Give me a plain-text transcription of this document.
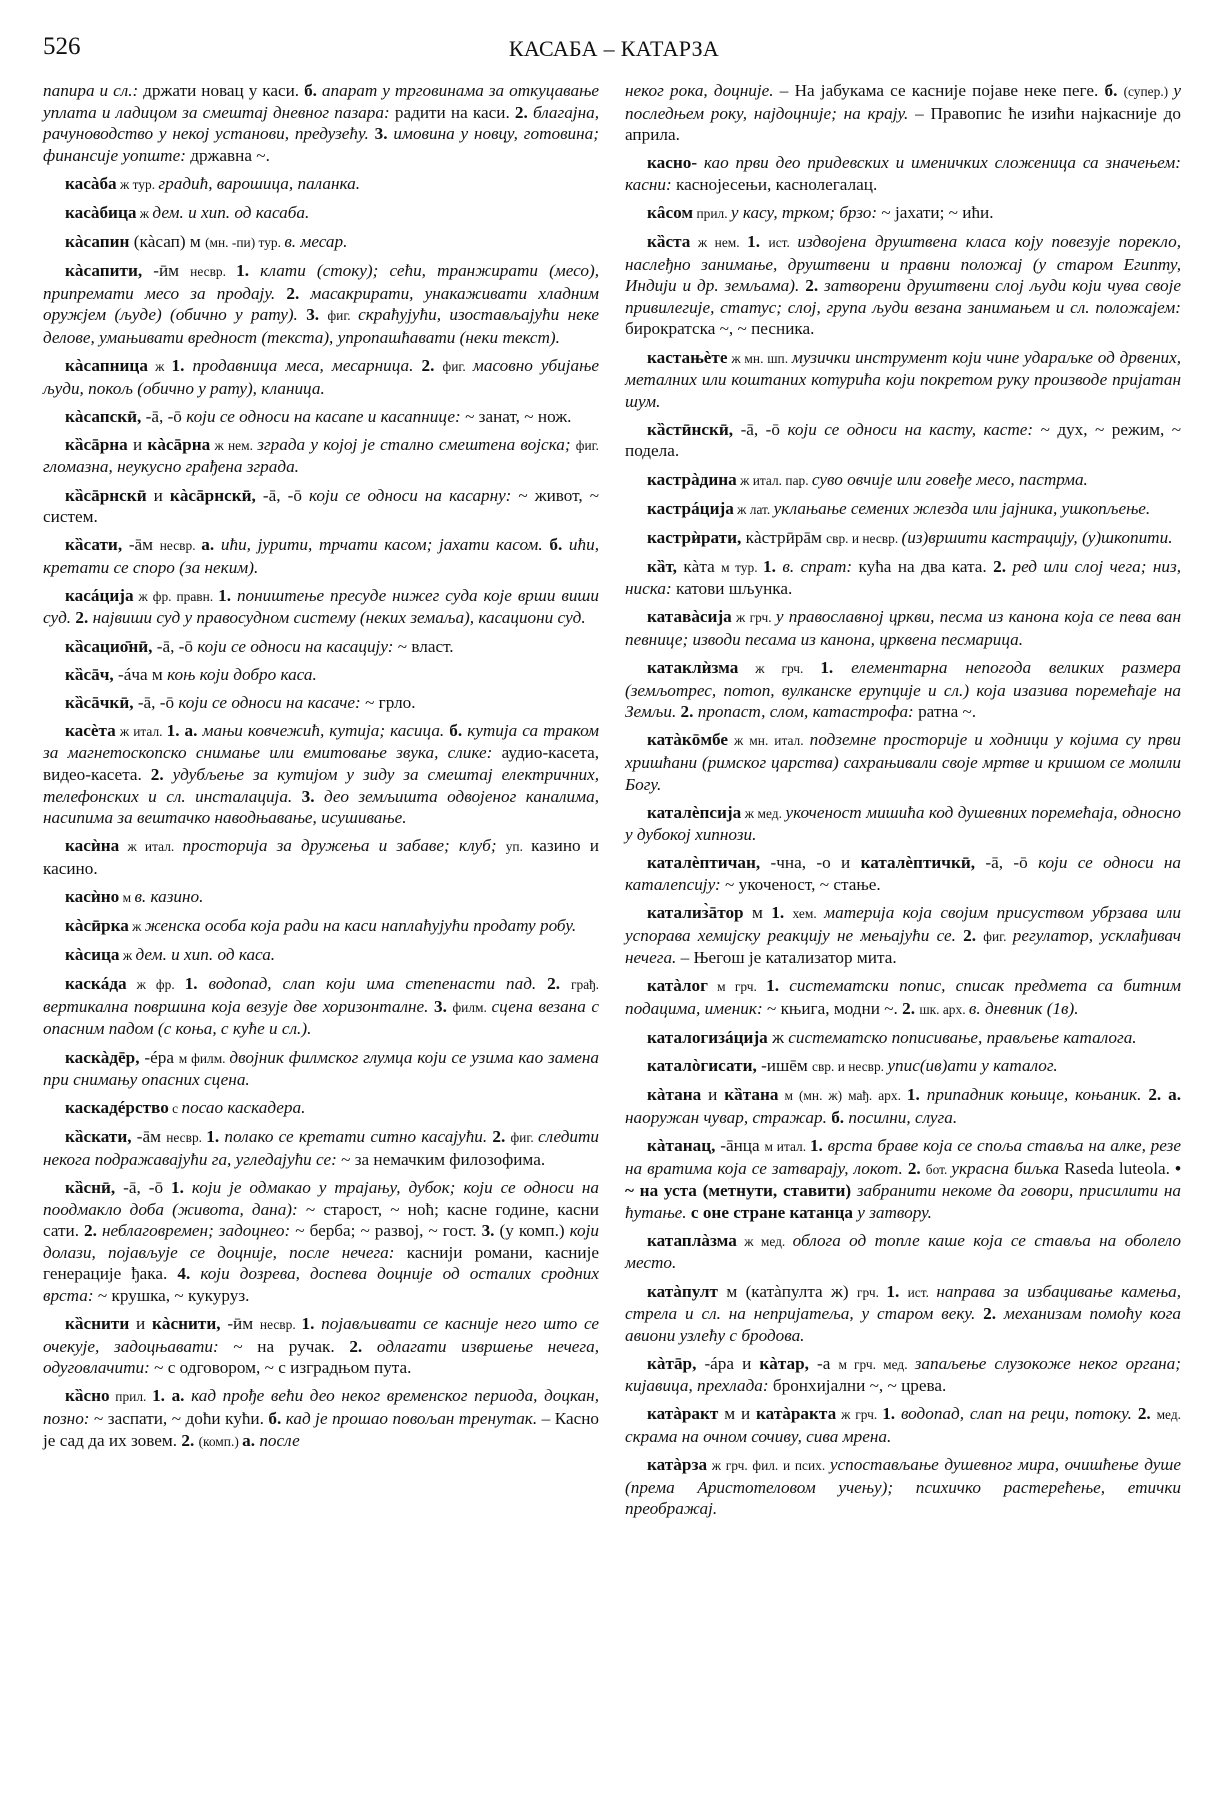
526	КАСАБА – КАТАРЗА

папира и сл.: држати новац у каси. б. апарат у трговинама за откуцавање уплата и ладицом за смештај дневног пазара: радити на каси. 2. благајна, рачуноводство у некој установи, предузећу. 3. имовина у новцу, готовина; финансије уопште: државна ~.

касàба ж тур. градић, варошица, паланка.

касàбица ж дем. и хип. од касаба.

кàсапин (кàсап) м (мн. -пи) тур. в. месар.

кàсапити, -ӣм несвр. 1. клати (стоку); сећи, транжирати (месо), припремати месо за продају. 2. масакрирати, унакаживати хладним оружјем (људе) (обично у рату). 3. фиг. скраћујући, изостављајући неке делове, умањивати вредност (текста), упропашћавати (неки текст).

кàсапница ж 1. продавница меса, месарница. 2. фиг. масовно убијање људи, покољ (обично у рату), кланица.

кàсапскӣ, -ā, -ō који се односи на касапе и касапнице: ~ занат, ~ нож.

кȁсāрна и кàсāрна ж нем. зграда у којој је стално смештена војска; фиг. гломазна, неукусно грађена зграда.

кȁсāрнскӣ и кàсāрнскӣ, -ā, -ō који се односи на касарну: ~ живот, ~ систем.

кȁсати, -āм несвр. а. ићи, јурити, трчати касом; јахати касом. б. ићи, кретати се споро (за неким).

касáција ж фр. правн. 1. поништење пресуде нижег суда које врши виши суд. 2. највиши суд у правосудном систему (неких земаља), касациони суд.

кȁсацио̄нӣ, -ā, -ō који се односи на касацију: ~ власт.

кȁсāч, -áча м коњ који добро каса.

кȁсāчкӣ, -ā, -ō који се односи на касаче: ~ грло.

касèта ж итал. 1. а. мањи ковчежић, кутија; касица. б. кутија са траком за магнетоскопско снимање или емитовање звука, слике: аудио-касета, видео-касета. 2. удубљење за кутијом у зиду за смештај електричних, телефонских и сл. инсталација. 3. део земљишта одвојеног каналима, насипима за вештачко наводњавање, исушивање.

касѝна ж итал. просторија за дружења и забаве; клуб; уп. казино и касино.

касѝно м в. казино.

кàсӣрка ж женска особа која ради на каси наплаћујући продату робу.

кàсица ж дем. и хип. од каса.

каскáда ж фр. 1. водопад, слап који има степенасти пад. 2. грађ. вертикална површина која везује две хоризонталне. 3. филм. сцена везана с опасним падом (с коња, с куће и сл.).

каскàдēр, -éра м филм. двојник филмског глумца који се узима као замена при снимању опасних сцена.

каскадéрство с посао каскадера.

кȁскати, -āм несвр. 1. полако се кретати ситно касајући. 2. фиг. следити некога подражавајући га, угледајући се: ~ за немачким филозофима.

кȁснӣ, -ā, -ō 1. који је одмакао у трајању, дубок; који се односи на поодмакло доба (живота, дана): ~ старост, ~ ноћ; касне године, касни сати. 2. неблаговремен; задоцнео: ~ берба; ~ развој, ~ гост. 3. (у комп.) који долази, појављује се доцније, после нечега: каснији романи, касније генерације ђака. 4. који дозрева, доспева доцније од осталих сродних врста: ~ крушка, ~ кукуруз.

кȁснити и кàснити, -ӣм несвр. 1. појављивати се касније него што се очекује, задоцњавати: ~ на ручак. 2. одлагати извршење нечега, одуговлачити: ~ с одговором, ~ с изградњом пута.

кȁсно прил. 1. а. кад прође већи део неког временског периода, доцкан, позно: ~ заспати, ~ доћи кући. б. кад је прошао повољан тренутак. – Касно је сад да их зовем. 2. (комп.) а. после

неког рока, доцније. – На јабукама се касније појаве неке пеге. б. (супер.) у последњем року, најдоцније; на крају. – Правопис ће изићи најкасније до априла.

касно- као први део придевских и именичких сложеница са значењем: касни: каснојесењи, каснолегалац.

кȃсом прил. у касу, трком; брзо: ~ јахати; ~ ићи.

кȁста ж нем. 1. ист. издвојена друштвена класа коју повезује порекло, наслеђно занимање, друштвени и правни положај (у старом Египту, Индији и др. земљама). 2. затворени друштвени слој људи који чува своје привилегије, статус; слој, група људи везана занимањем и сл. положајем: бирократска ~, ~ песника.

кастањѐте ж мн. шп. музички инструмент који чине удараљке од дрвених, металних или коштаних котурића који покретом руку производе пријатан шум.

кȁстӣнскӣ, -ā, -ō који се односи на касту, касте: ~ дух, ~ режим, ~ подела.

кастрàдина ж итал. пар. суво овчије или говеђе месо, пастрма.

кастрáција ж лат. уклањање семених жлезда или јајника, ушкопљење.

кастрѝрати, кàстрӣрāм свр. и несвр. (из)вршити кастрацију, (у)шкопити.

кȁт, кàта м тур. 1. в. спрат: кућа на два ката. 2. ред или слој чега; низ, ниска: катови шљунка.

катавàсија ж грч. у православној цркви, песма из канона која се пева ван певнице; изводи песама из канона, црквена песмарица.

катаклѝзма ж грч. 1. елементарна непогода великих размера (земљотрес, потоп, вулканске ерупције и сл.) која изазива поремећаје на Земљи. 2. пропаст, слом, катастрофа: ратна ~.

катàкōмбе ж мн. итал. подземне просторије и ходници у којима су први хришћани (римског царства) сахрањивали своје мртве и кришом се молили Богу.

каталèпсија ж мед. укоченост мишића код душевних поремећаја, односно у дубокој хипнози.

каталèптичан, -чна, -о и каталèптичкӣ, -ā, -ō који се односи на каталепсију: ~ укоченост, ~ стање.

катализ̀āтор м 1. хем. материја која својим присуством убрзава или успорава хемијску реакцију не мењајући се. 2. фиг. регулатор, усклађивач нечега. – Његош је катализатор мита.

катàлог м грч. 1. систематски попис, списак предмета са битним подацима, именик: ~ књига, модни ~. 2. шк. арх. в. дневник (1в).

каталогизáција ж систематско пописивање, прављење каталога.

каталòгисати, -ишēм свр. и несвр. упис(ив)ати у каталог.

кàтана и кȁтана м (мн. ж) мађ. арх. 1. припадник коњице, коњаник. 2. а. наоружан чувар, стражар. б. посилни, слуга.

кàтанац, -āнца м итал. 1. врста браве која се споља ставља на алке, резе на вратима која се затварају, локот. 2. бот. украсна биљка Raseda luteola. • ~ на уста (метнути, ставити) забранити некоме да говори, присилити на ћутање. с оне стране катанца у затвору.

катаплàзма ж мед. облога од топле каше која се ставља на оболело место.

катàпулт м (катàпулта ж) грч. 1. ист. направа за избацивање камења, стрела и сл. на непријатеља, у старом веку. 2. механизам помоћу кога авиони узлећу с бродова.

кàтāр, -áра и кàтар, -а м грч. мед. запаљење слузокоже неког органа; кијавица, прехлада: бронхијални ~, ~ црева.

катàракт м и катàракта ж грч. 1. водопад, слап на реци, потоку. 2. мед. скрама на очном сочиву, сива мрена.

катàрза ж грч. фил. и псих. успостављање душевног мира, очишћење душе (према Аристотеловом учењу); психичко растерећење, етички преображај.
